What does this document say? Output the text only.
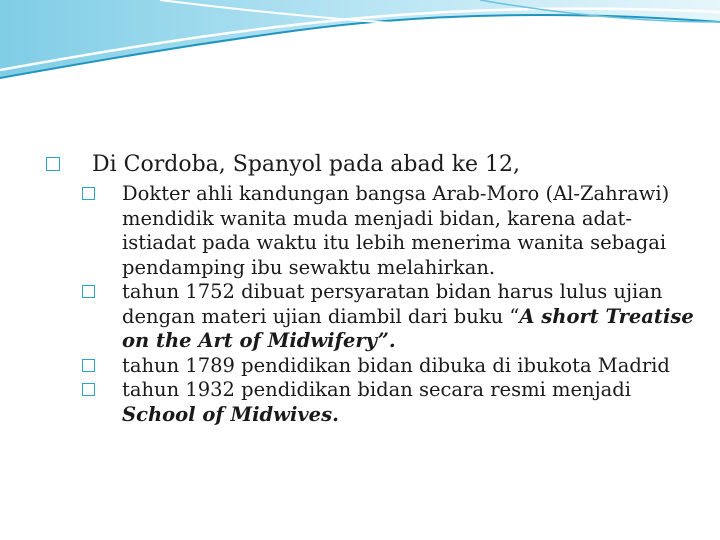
Di Cordoba, Spanyol pada abad ke 12,
Dokter ahli kandungan bangsa Arab-Moro (Al-Zahrawi) mendidik wanita muda menjadi bidan, karena adat-istiadat pada waktu itu lebih menerima wanita sebagai pendamping ibu sewaktu melahirkan.
tahun 1752 dibuat persyaratan bidan harus lulus ujian dengan materi ujian diambil dari buku “A short Treatise on the Art of Midwifery”.
tahun 1789 pendidikan bidan dibuka di ibukota Madrid
tahun 1932 pendidikan bidan secara resmi menjadi School of Midwives.
